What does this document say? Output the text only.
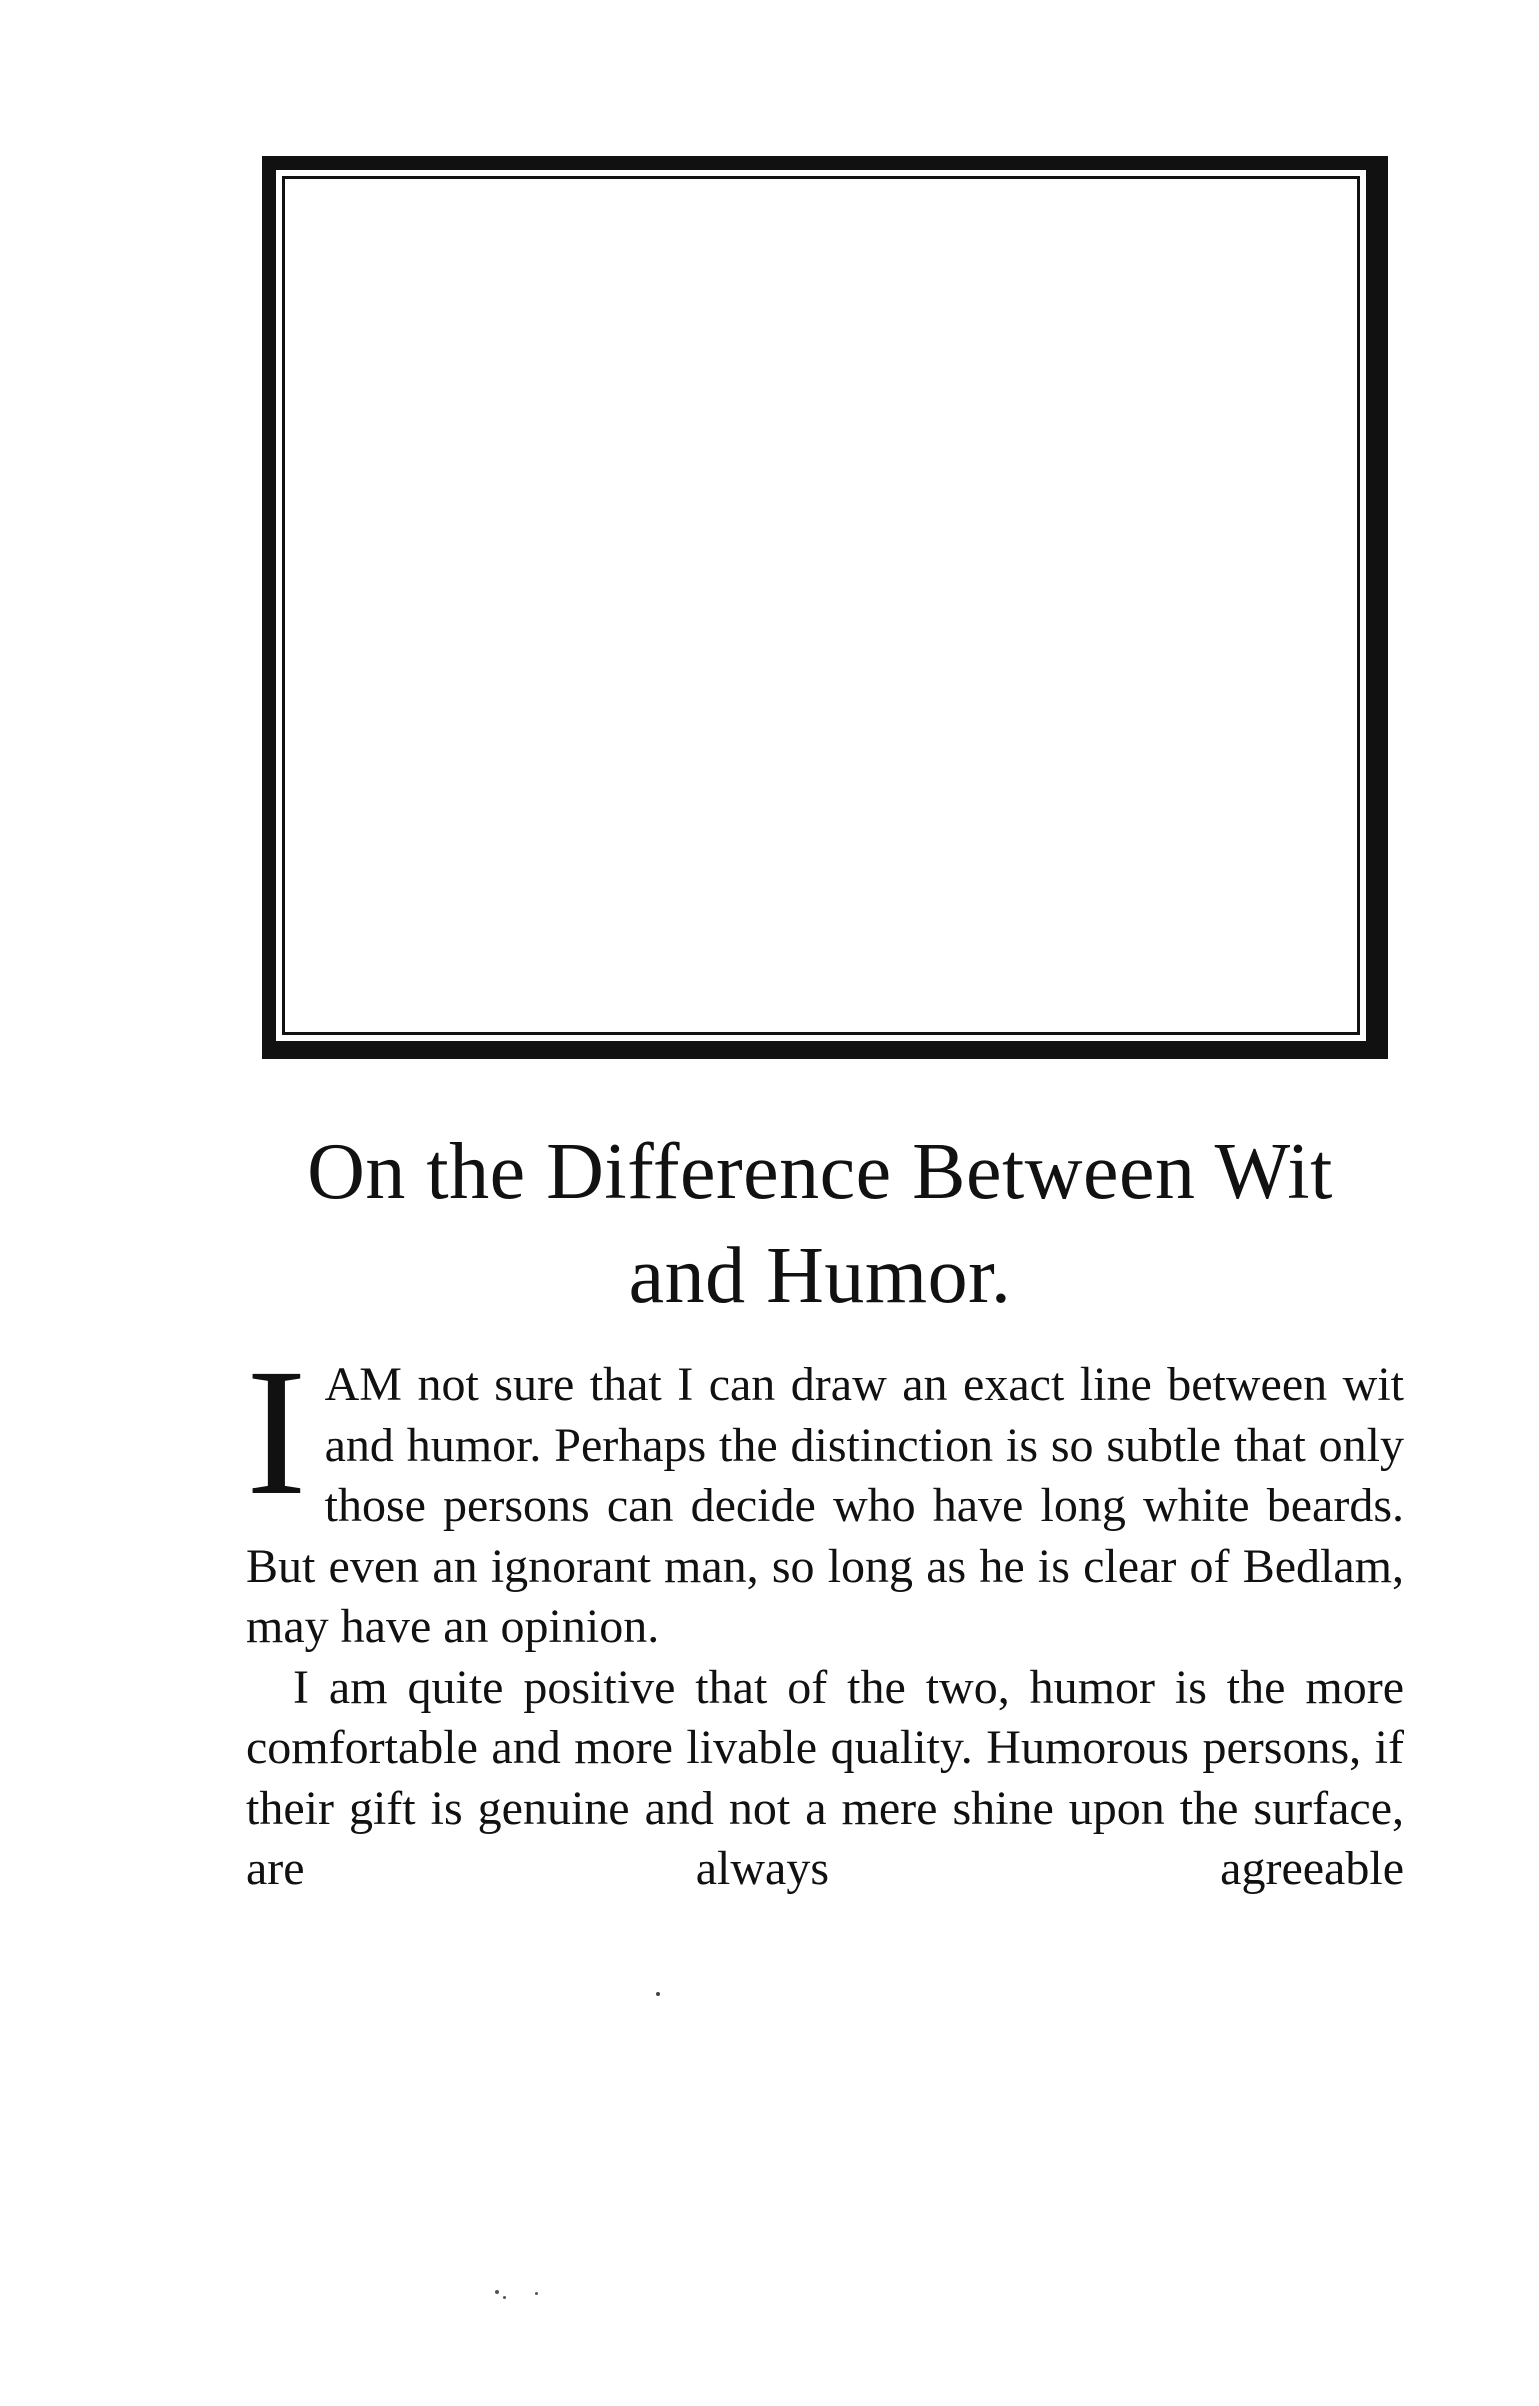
On the Difference Between Wit
and Humor.

IAM not sure that I can draw an exact line between wit and humor. Perhaps the distinction is so subtle that only those persons can decide who have long white beards. But even an ignorant man, so long as he is clear of Bedlam, may have an opinion.

I am quite positive that of the two, humor is the more comfortable and more livable quality. Humorous persons, if their gift is genuine and not a mere shine upon the surface, are always agreeable
